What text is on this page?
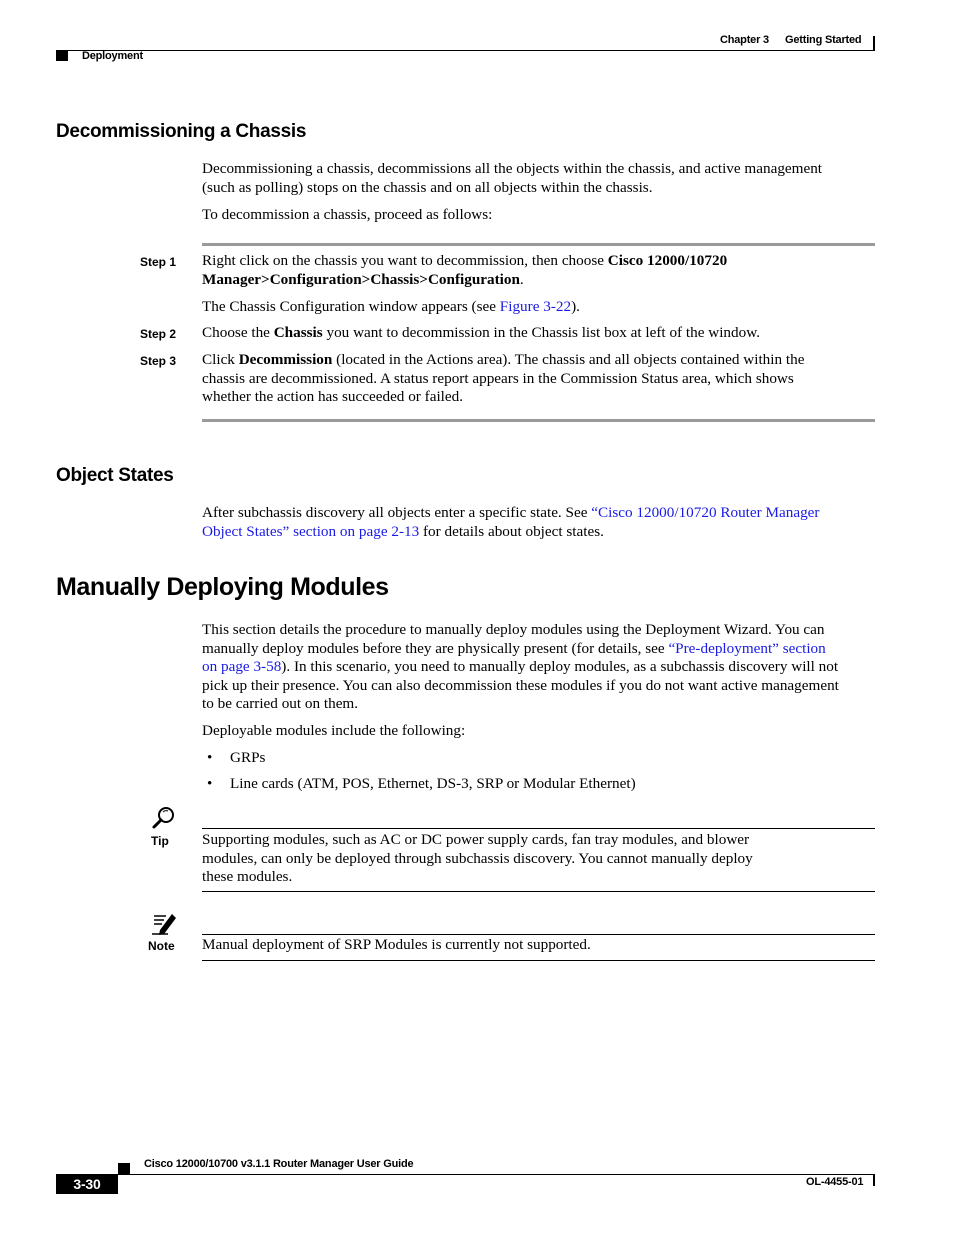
Chapter 3 Getting Started
Deployment
Decommissioning a Chassis
Decommissioning a chassis, decommissions all the objects within the chassis, and active management
(such as polling) stops on the chassis and on all objects within the chassis.
To decommission a chassis, proceed as follows:
Step 1 Right click on the chassis you want to decommission, then choose Cisco 12000/10720
Manager>Configuration>Chassis>Configuration.
The Chassis Configuration window appears (see Figure 3-22).
Step 2 Choose the Chassis you want to decommission in the Chassis list box at left of the window.
Step 3 Click Decommission (located in the Actions area). The chassis and all objects contained within the
chassis are decommissioned. A status report appears in the Commission Status area, which shows
whether the action has succeeded or failed.
Object States
After subchassis discovery all objects enter a specific state. See “Cisco 12000/10720 Router Manager
Object States” section on page 2-13 for details about object states.
Manually Deploying Modules
This section details the procedure to manually deploy modules using the Deployment Wizard. You can
manually deploy modules before they are physically present (for details, see “Pre-deployment” section
on page 3-58). In this scenario, you need to manually deploy modules, as a subchassis discovery will not
pick up their presence. You can also decommission these modules if you do not want active management
to be carried out on them.
Deployable modules include the following:
• GRPs
• Line cards (ATM, POS, Ethernet, DS-3, SRP or Modular Ethernet)
Tip Supporting modules, such as AC or DC power supply cards, fan tray modules, and blower
modules, can only be deployed through subchassis discovery. You cannot manually deploy
these modules.
Note Manual deployment of SRP Modules is currently not supported.
Cisco 12000/10700 v3.1.1 Router Manager User Guide
3-30	OL-4455-01
